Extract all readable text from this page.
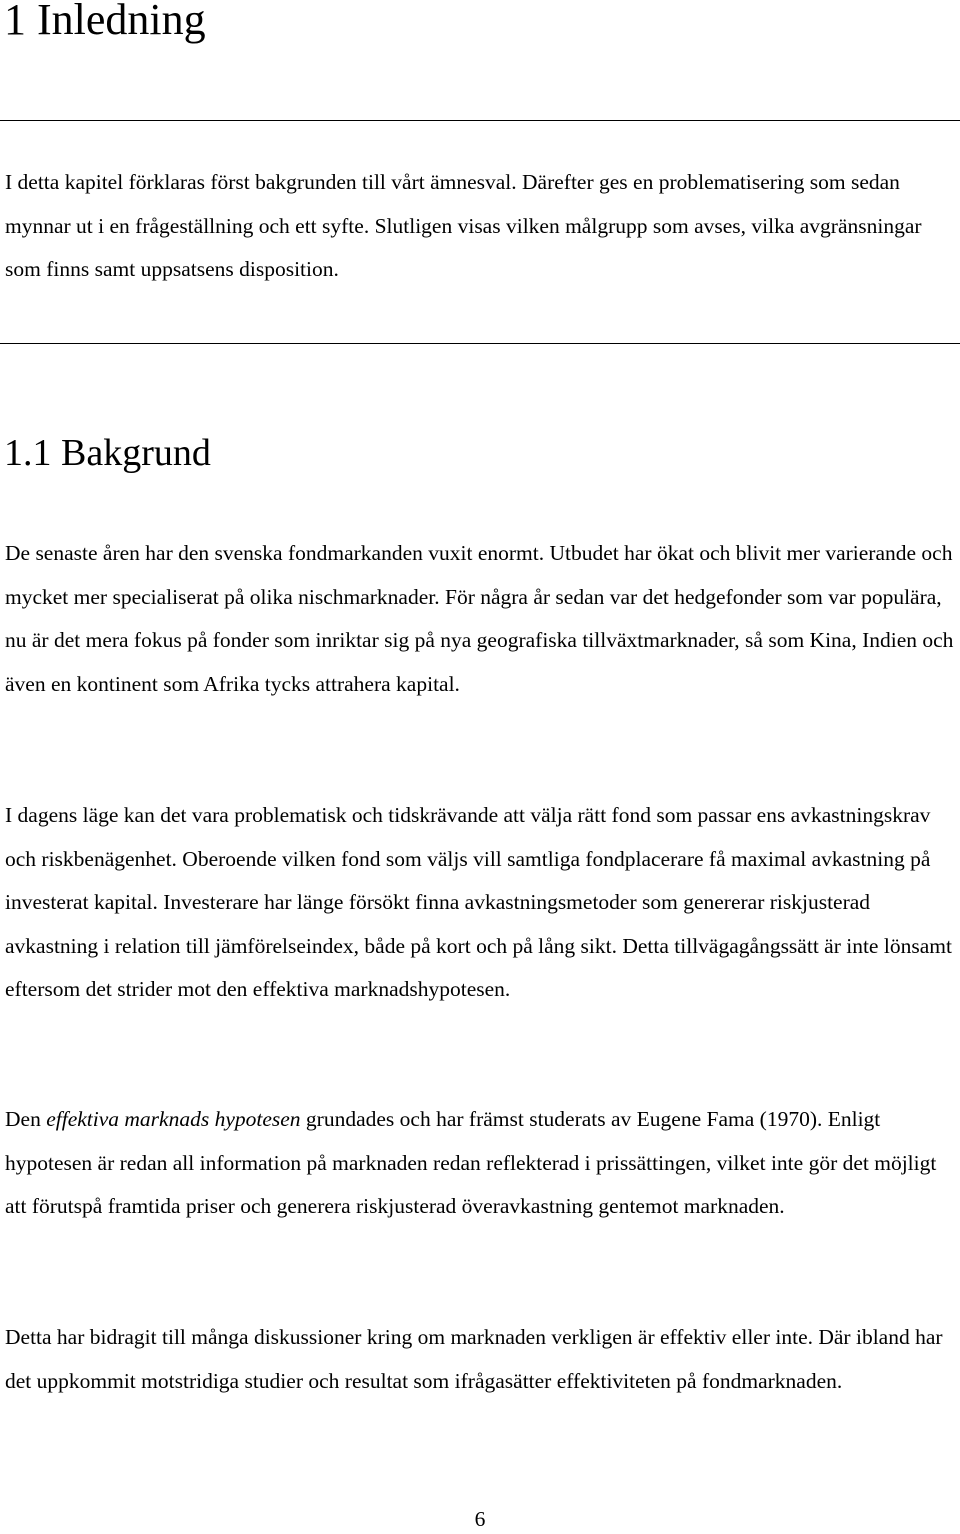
1 Inledning

I detta kapitel förklaras först bakgrunden till vårt ämnesval. Därefter ges en problematisering som sedan mynnar ut i en frågeställning och ett syfte. Slutligen visas vilken målgrupp som avses, vilka avgränsningar som finns samt uppsatsens disposition.

1.1 Bakgrund

De senaste åren har den svenska fondmarkanden vuxit enormt. Utbudet har ökat och blivit mer varierande och mycket mer specialiserat på olika nischmarknader. För några år sedan var det hedgefonder som var populära, nu är det mera fokus på fonder som inriktar sig på nya geografiska tillväxtmarknader, så som Kina, Indien och även en kontinent som Afrika tycks attrahera kapital.

I dagens läge kan det vara problematisk och tidskrävande att välja rätt fond som passar ens avkastningskrav och riskbenägenhet. Oberoende vilken fond som väljs vill samtliga fondplacerare få maximal avkastning på investerat kapital. Investerare har länge försökt finna avkastningsmetoder som genererar riskjusterad avkastning i relation till jämförelseindex, både på kort och på lång sikt. Detta tillvägagångssätt är inte lönsamt eftersom det strider mot den effektiva marknadshypotesen.

Den effektiva marknads hypotesen grundades och har främst studerats av Eugene Fama (1970). Enligt hypotesen är redan all information på marknaden redan reflekterad i prissättingen, vilket inte gör det möjligt att förutspå framtida priser och generera riskjusterad överavkastning gentemot marknaden.

Detta har bidragit till många diskussioner kring om marknaden verkligen är effektiv eller inte. Där ibland har det uppkommit motstridiga studier och resultat som ifrågasätter effektiviteten på fondmarknaden.

6
